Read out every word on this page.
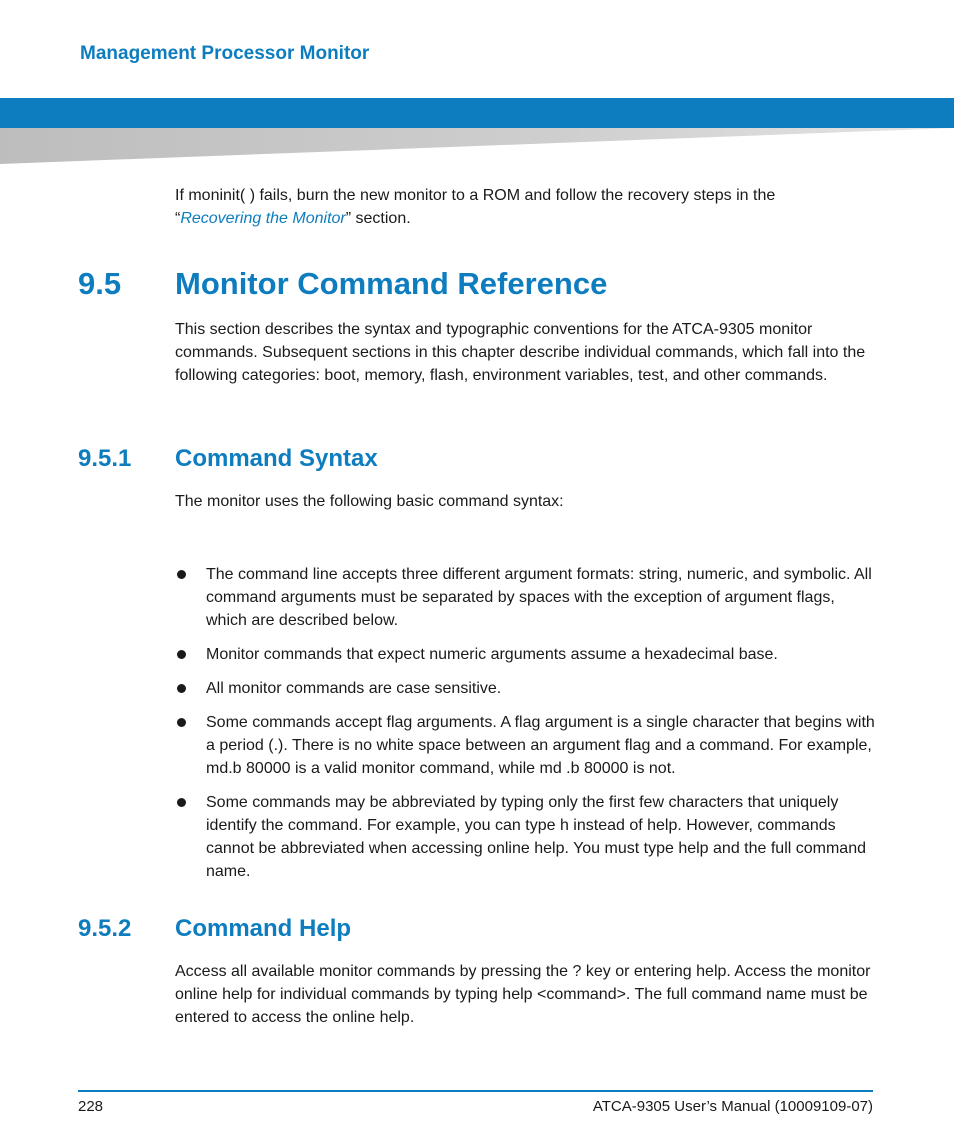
Management Processor Monitor

If moninit( ) fails, burn the new monitor to a ROM and follow the recovery steps in the
“Recovering the Monitor” section.

9.5 Monitor Command Reference

This section describes the syntax and typographic conventions for the ATCA-9305 monitor commands. Subsequent sections in this chapter describe individual commands, which fall into the following categories: boot, memory, flash, environment variables, test, and other commands.

9.5.1 Command Syntax

The monitor uses the following basic command syntax:

The command line accepts three different argument formats: string, numeric, and symbolic. All command arguments must be separated by spaces with the exception of argument flags, which are described below.
Monitor commands that expect numeric arguments assume a hexadecimal base.
All monitor commands are case sensitive.
Some commands accept flag arguments. A flag argument is a single character that begins with a period (.). There is no white space between an argument flag and a command. For example, md.b 80000 is a valid monitor command, while md .b 80000 is not.
Some commands may be abbreviated by typing only the first few characters that uniquely identify the command. For example, you can type h instead of help. However, commands cannot be abbreviated when accessing online help. You must type help and the full command name.
9.5.2 Command Help

Access all available monitor commands by pressing the ? key or entering help. Access the monitor online help for individual commands by typing help <command>. The full command name must be entered to access the online help.

228	ATCA-9305 User’s Manual (10009109-07)
